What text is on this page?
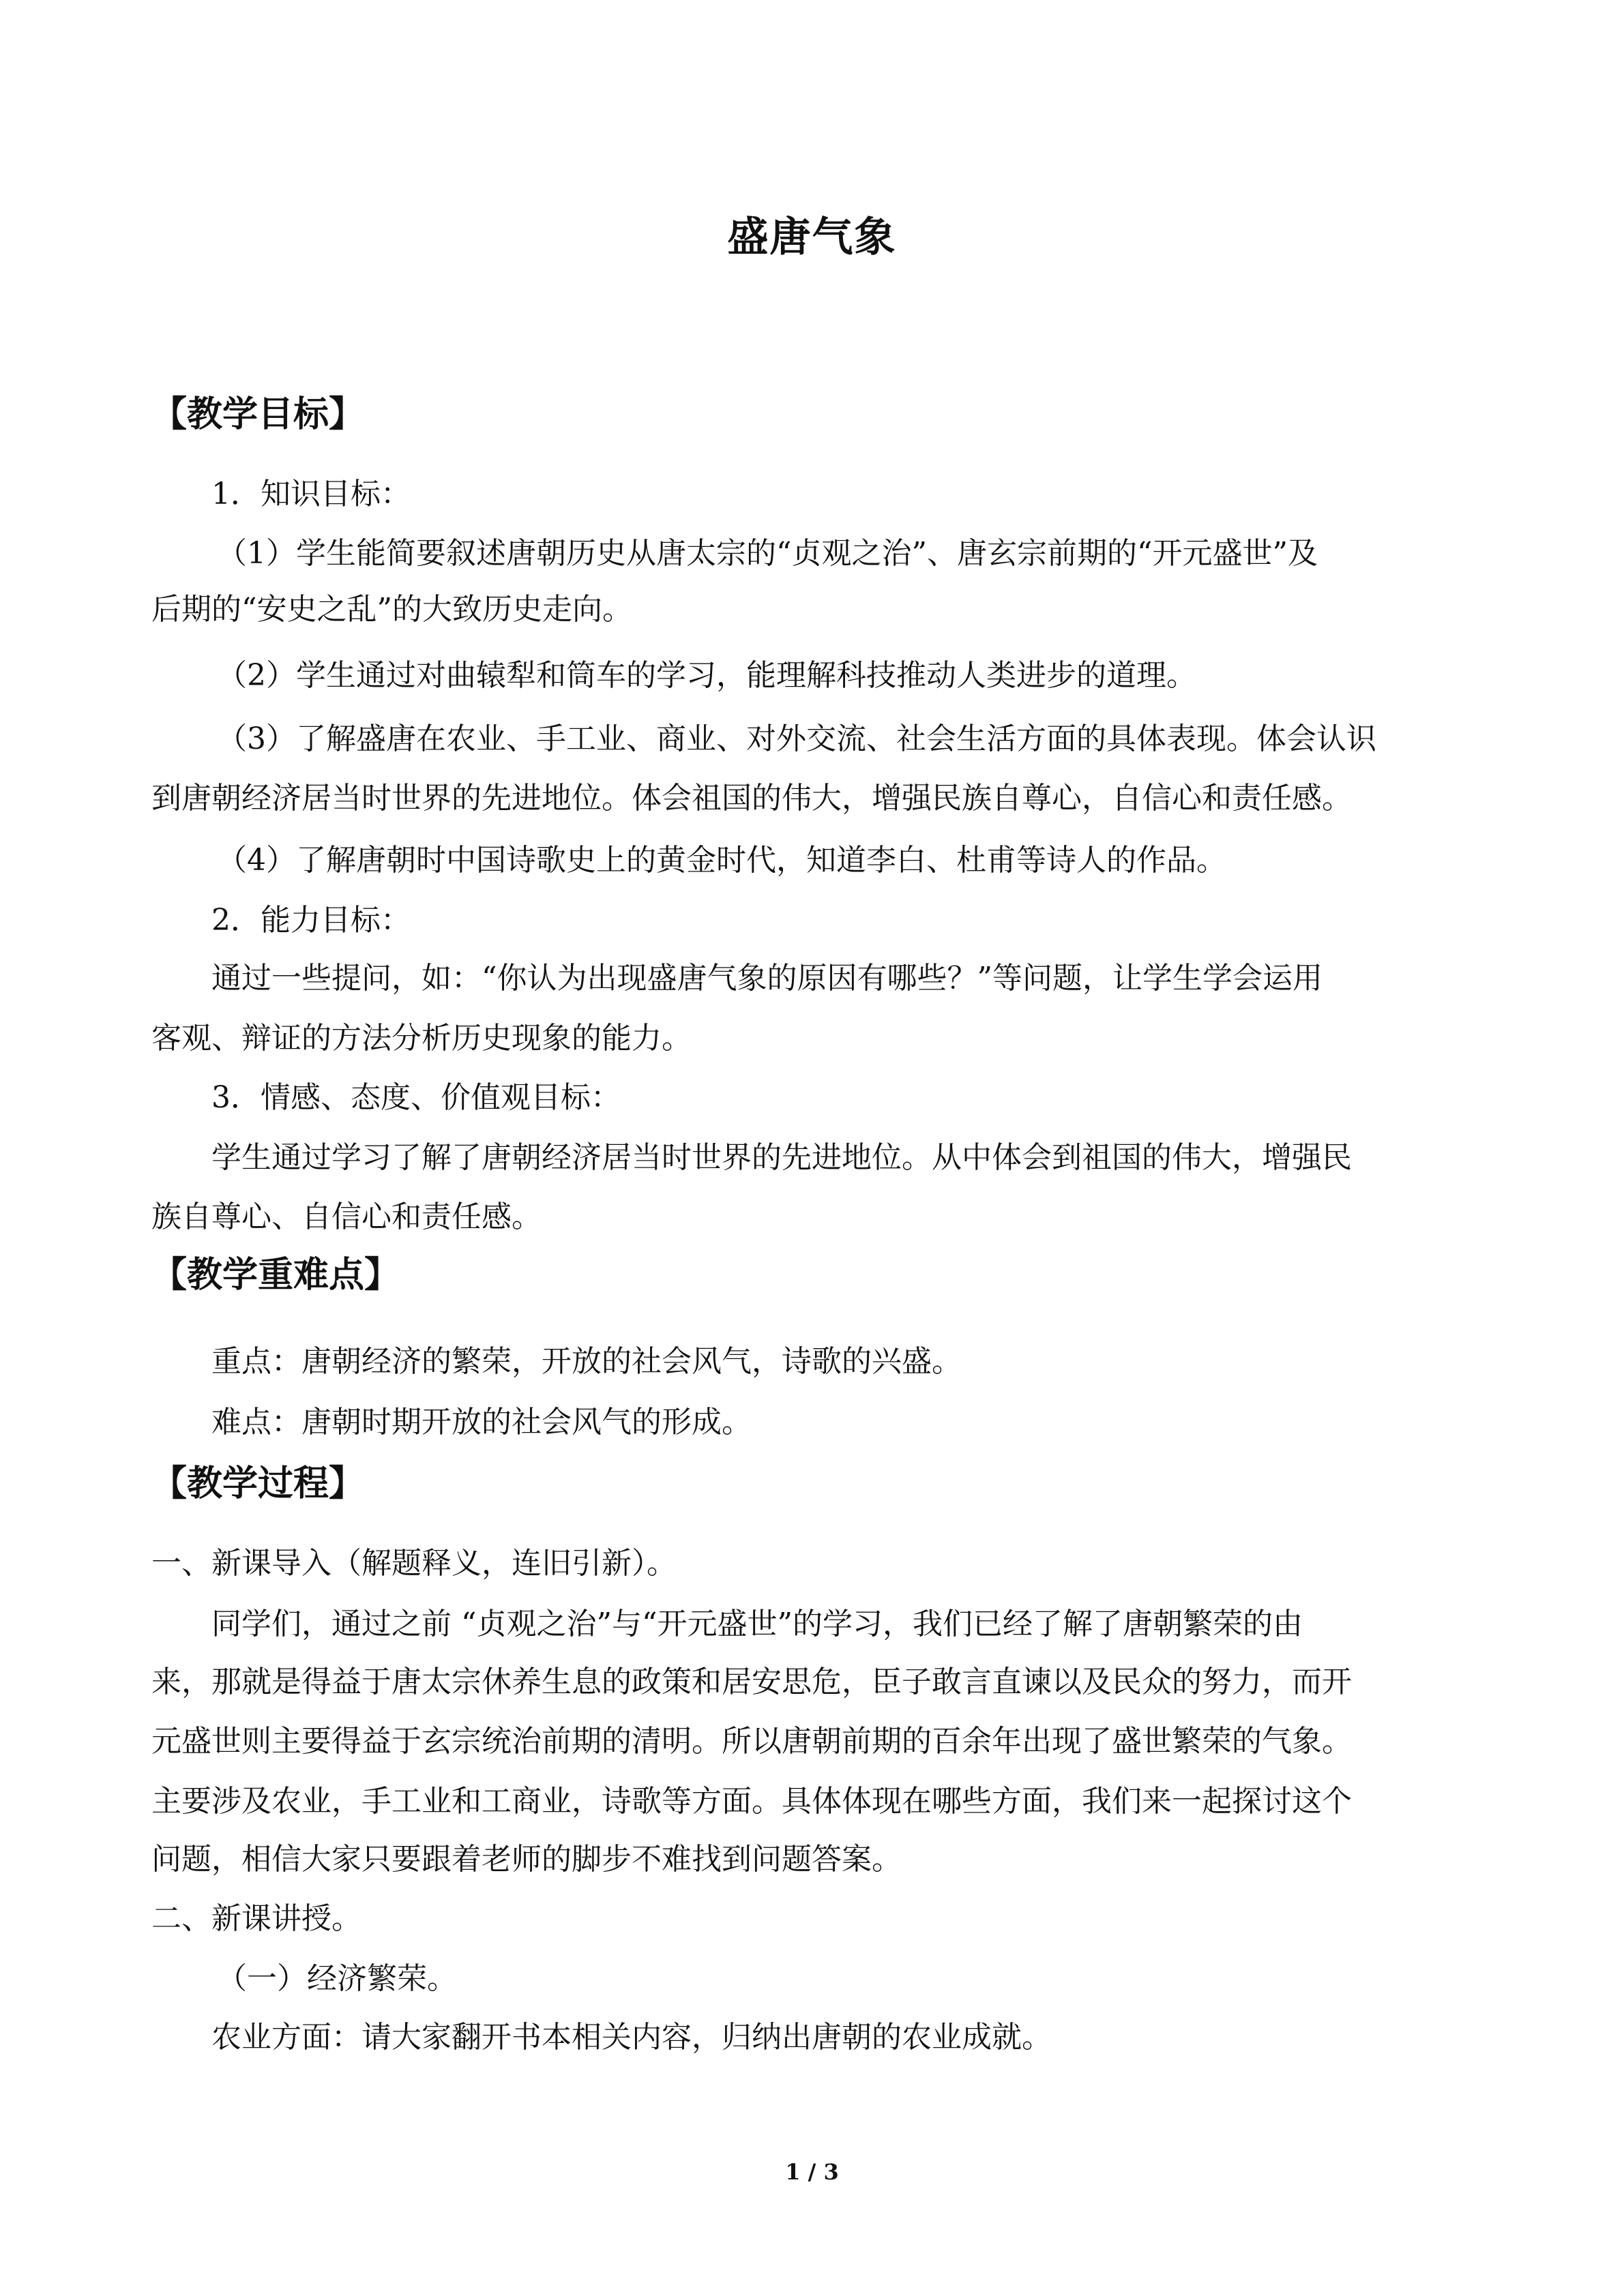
盛唐气象
【教学目标】
1．知识目标：
（1）学生能简要叙述唐朝历史从唐太宗的“贞观之治”、唐玄宗前期的“开元盛世”及
后期的“安史之乱”的大致历史走向。
（2）学生通过对曲辕犁和筒车的学习，能理解科技推动人类进步的道理。
（3）了解盛唐在农业、手工业、商业、对外交流、社会生活方面的具体表现。体会认识
到唐朝经济居当时世界的先进地位。体会祖国的伟大，增强民族自尊心，自信心和责任感。
（4）了解唐朝时中国诗歌史上的黄金时代，知道李白、杜甫等诗人的作品。
2．能力目标：
通过一些提问，如：“你认为出现盛唐气象的原因有哪些？”等问题，让学生学会运用
客观、辩证的方法分析历史现象的能力。
3．情感、态度、价值观目标：
学生通过学习了解了唐朝经济居当时世界的先进地位。从中体会到祖国的伟大，增强民
族自尊心、自信心和责任感。
【教学重难点】
重点：唐朝经济的繁荣，开放的社会风气，诗歌的兴盛。
难点：唐朝时期开放的社会风气的形成。
【教学过程】
一、新课导入（解题释义，连旧引新）。
同学们，通过之前 “贞观之治”与“开元盛世”的学习，我们已经了解了唐朝繁荣的由
来，那就是得益于唐太宗休养生息的政策和居安思危，臣子敢言直谏以及民众的努力，而开
元盛世则主要得益于玄宗统治前期的清明。所以唐朝前期的百余年出现了盛世繁荣的气象。
主要涉及农业，手工业和工商业，诗歌等方面。具体体现在哪些方面，我们来一起探讨这个
问题，相信大家只要跟着老师的脚步不难找到问题答案。
二、新课讲授。
（一）经济繁荣。
农业方面：请大家翻开书本相关内容，归纳出唐朝的农业成就。
1 / 3
